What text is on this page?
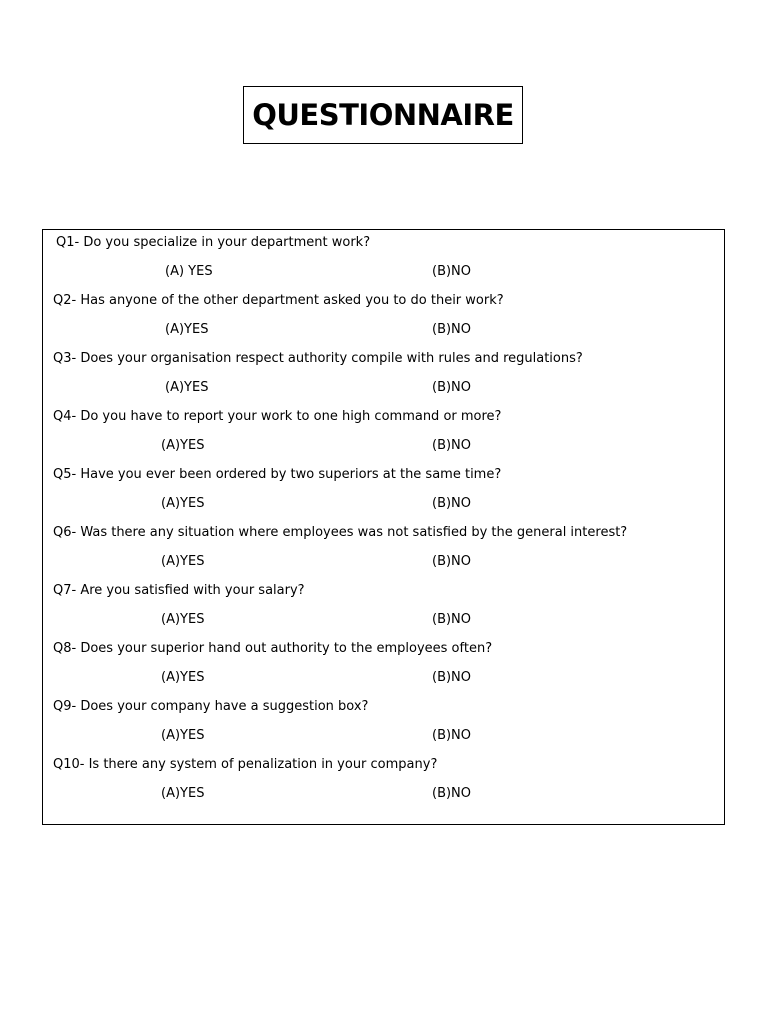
QUESTIONNAIRE
Q1- Do you specialize in your department work?
(A) YES	(B)NO
Q2- Has anyone of the other department asked you to do their work?
(A)YES	(B)NO
Q3- Does your organisation respect authority compile with rules and regulations?
(A)YES	(B)NO
Q4- Do you have to report your work to one high command or more?
(A)YES	(B)NO
Q5- Have you ever been ordered by two superiors at the same time?
(A)YES	(B)NO
Q6- Was there any situation where employees was not satisfied by the general interest?
(A)YES	(B)NO
Q7- Are you satisfied with your salary?
(A)YES	(B)NO
Q8- Does your superior hand out authority to the employees often?
(A)YES	(B)NO
Q9- Does your company have a suggestion box?
(A)YES	(B)NO
Q10- Is there any system of penalization in your company?
(A)YES	(B)NO
